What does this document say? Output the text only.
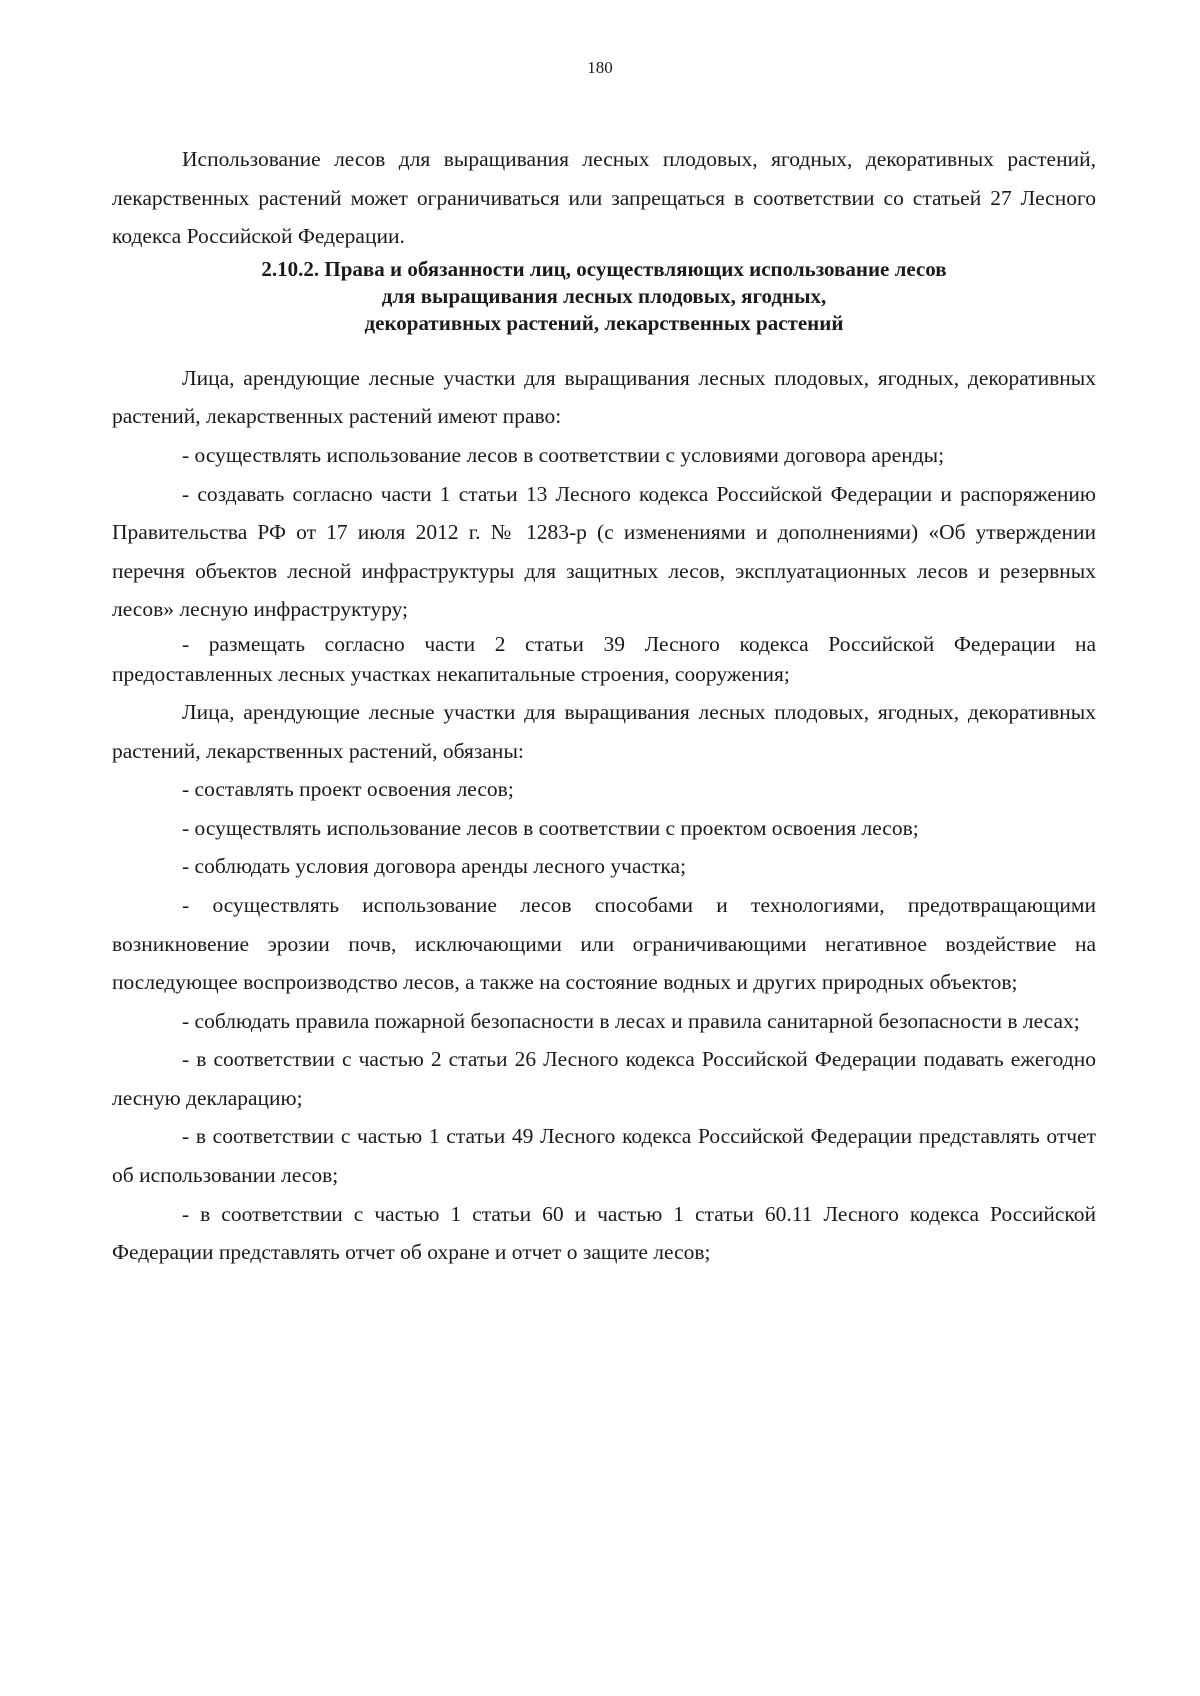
180

Использование лесов для выращивания лесных плодовых, ягодных, декоративных растений, лекарственных растений может ограничиваться или запрещаться в соответствии со статьей 27 Лесного кодекса Российской Федерации.

2.10.2. Права и обязанности лиц, осуществляющих использование лесов
для выращивания лесных плодовых, ягодных,
декоративных растений, лекарственных растений

Лица, арендующие лесные участки для выращивания лесных плодовых, ягодных, декоративных растений, лекарственных растений имеют право:

- осуществлять использование лесов в соответствии с условиями договора аренды;

- создавать согласно части 1 статьи 13 Лесного кодекса Российской Федерации и распоряжению Правительства РФ от 17 июля 2012 г. № 1283-р (с изменениями и дополнениями) «Об утверждении перечня объектов лесной инфраструктуры для защитных лесов, эксплуатационных лесов и резервных лесов» лесную инфраструктуру;

- размещать согласно части 2 статьи 39 Лесного кодекса Российской Федерации на предоставленных лесных участках некапитальные строения, сооружения;

Лица, арендующие лесные участки для выращивания лесных плодовых, ягодных, декоративных растений, лекарственных растений, обязаны:

- составлять проект освоения лесов;

- осуществлять использование лесов в соответствии с проектом освоения лесов;

- соблюдать условия договора аренды лесного участка;

- осуществлять использование лесов способами и технологиями, предотвращающими возникновение эрозии почв, исключающими или ограничивающими негативное воздействие на последующее воспроизводство лесов, а также на состояние водных и других природных объектов;

- соблюдать правила пожарной безопасности в лесах и правила санитарной безопасности в лесах;

- в соответствии с частью 2 статьи 26 Лесного кодекса Российской Федерации подавать ежегодно лесную декларацию;

- в соответствии с частью 1 статьи 49 Лесного кодекса Российской Федерации представлять отчет об использовании лесов;

- в соответствии с частью 1 статьи 60 и частью 1 статьи 60.11 Лесного кодекса Российской Федерации представлять отчет об охране и отчет о защите лесов;
